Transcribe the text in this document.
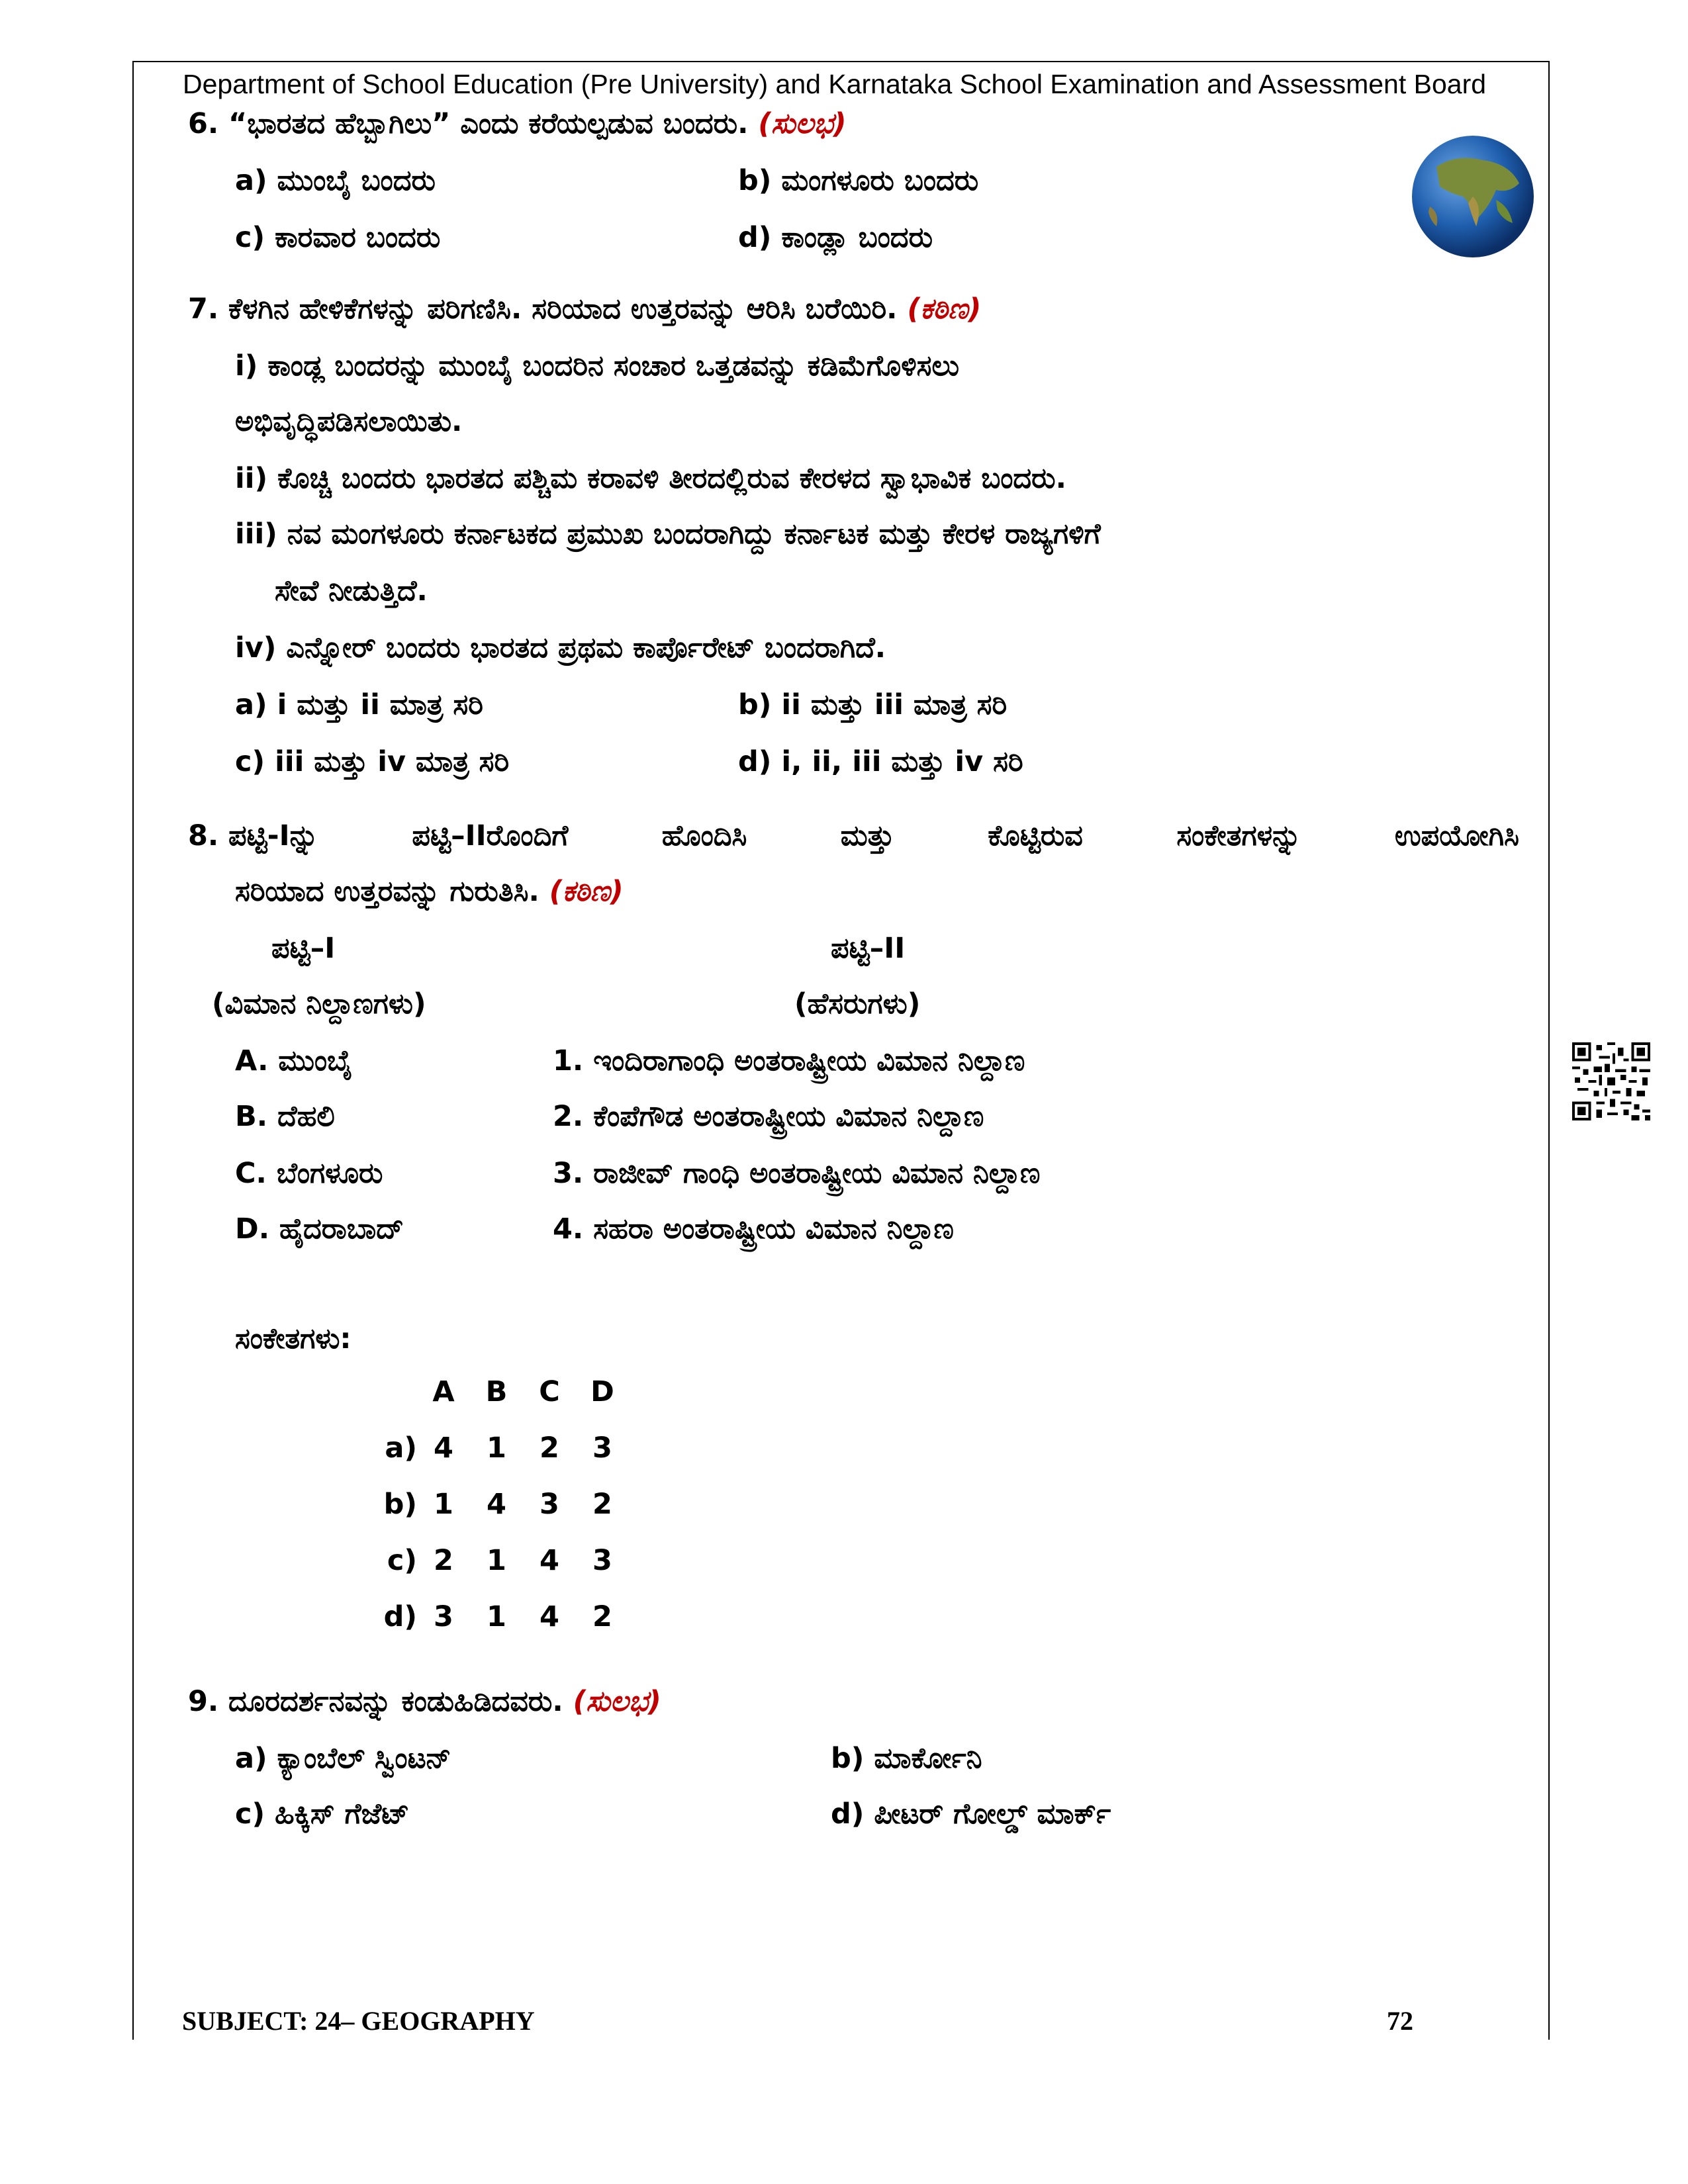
Department of School Education (Pre University) and Karnataka School Examination and Assessment Board
6. “ಭಾರತದ ಹೆಬ್ಬಾಗಿಲು” ಎಂದು ಕರೆಯಲ್ಪಡುವ ಬಂದರು. (ಸುಲಭ)
a) ಮುಂಬೈ ಬಂದರು	b) ಮಂಗಳೂರು ಬಂದರು
c) ಕಾರವಾರ ಬಂದರು	d) ಕಾಂಡ್ಲಾ ಬಂದರು
7. ಕೆಳಗಿನ ಹೇಳಿಕೆಗಳನ್ನು ಪರಿಗಣಿಸಿ. ಸರಿಯಾದ ಉತ್ತರವನ್ನು ಆರಿಸಿ ಬರೆಯಿರಿ. (ಕಠಿಣ)
i) ಕಾಂಡ್ಲ ಬಂದರನ್ನು ಮುಂಬೈ ಬಂದರಿನ ಸಂಚಾರ ಒತ್ತಡವನ್ನು ಕಡಿಮೆಗೊಳಿಸಲು
ಅಭಿವೃದ್ಧಿಪಡಿಸಲಾಯಿತು.
ii) ಕೊಚ್ಚಿ ಬಂದರು ಭಾರತದ ಪಶ್ಚಿಮ ಕರಾವಳಿ ತೀರದಲ್ಲಿರುವ ಕೇರಳದ ಸ್ವಾಭಾವಿಕ ಬಂದರು.
iii) ನವ ಮಂಗಳೂರು ಕರ್ನಾಟಕದ ಪ್ರಮುಖ ಬಂದರಾಗಿದ್ದು ಕರ್ನಾಟಕ ಮತ್ತು ಕೇರಳ ರಾಜ್ಯಗಳಿಗೆ
ಸೇವೆ ನೀಡುತ್ತಿದೆ.
iv) ಎನ್ನೋರ್ ಬಂದರು ಭಾರತದ ಪ್ರಥಮ ಕಾರ್ಪೊರೇಟ್ ಬಂದರಾಗಿದೆ.
a) i ಮತ್ತು ii ಮಾತ್ರ ಸರಿ	b) ii ಮತ್ತು iii ಮಾತ್ರ ಸರಿ
c) iii ಮತ್ತು iv ಮಾತ್ರ ಸರಿ	d) i, ii, iii ಮತ್ತು iv ಸರಿ
8. ಪಟ್ಟಿ-Iನ್ನು	ಪಟ್ಟಿ–IIರೊಂದಿಗೆ	ಹೊಂದಿಸಿ	ಮತ್ತು	ಕೊಟ್ಟಿರುವ	ಸಂಕೇತಗಳನ್ನು	ಉಪಯೋಗಿಸಿ
ಸರಿಯಾದ ಉತ್ತರವನ್ನು ಗುರುತಿಸಿ. (ಕಠಿಣ)
ಪಟ್ಟಿ–I	ಪಟ್ಟಿ–II
(ವಿಮಾನ ನಿಲ್ದಾಣಗಳು)	(ಹೆಸರುಗಳು)
A. ಮುಂಬೈ	1. ಇಂದಿರಾಗಾಂಧಿ ಅಂತರಾಷ್ಟ್ರೀಯ ವಿಮಾನ ನಿಲ್ದಾಣ
B. ದೆಹಲಿ	2. ಕೆಂಪೆಗೌಡ ಅಂತರಾಷ್ಟ್ರೀಯ ವಿಮಾನ ನಿಲ್ದಾಣ
C. ಬೆಂಗಳೂರು	3. ರಾಜೀವ್ ಗಾಂಧಿ ಅಂತರಾಷ್ಟ್ರೀಯ ವಿಮಾನ ನಿಲ್ದಾಣ
D. ಹೈದರಾಬಾದ್	4. ಸಹರಾ ಅಂತರಾಷ್ಟ್ರೀಯ ವಿಮಾನ ನಿಲ್ದಾಣ
ಸಂಕೇತಗಳು:
	A	B	C	D
a)	4	1	2	3
b)	1	4	3	2
c)	2	1	4	3
d)	3	1	4	2
9. ದೂರದರ್ಶನವನ್ನು ಕಂಡುಹಿಡಿದವರು. (ಸುಲಭ)
a) ಕ್ಯಾಂಬೆಲ್ ಸ್ವಿಂಟನ್	b) ಮಾರ್ಕೋನಿ
c) ಹಿಕ್ಕಿಸ್ ಗೆಜೆಟ್	d) ಪೀಟರ್ ಗೋಲ್ಡ್ ಮಾರ್ಕ್
SUBJECT: 24– GEOGRAPHY	72
